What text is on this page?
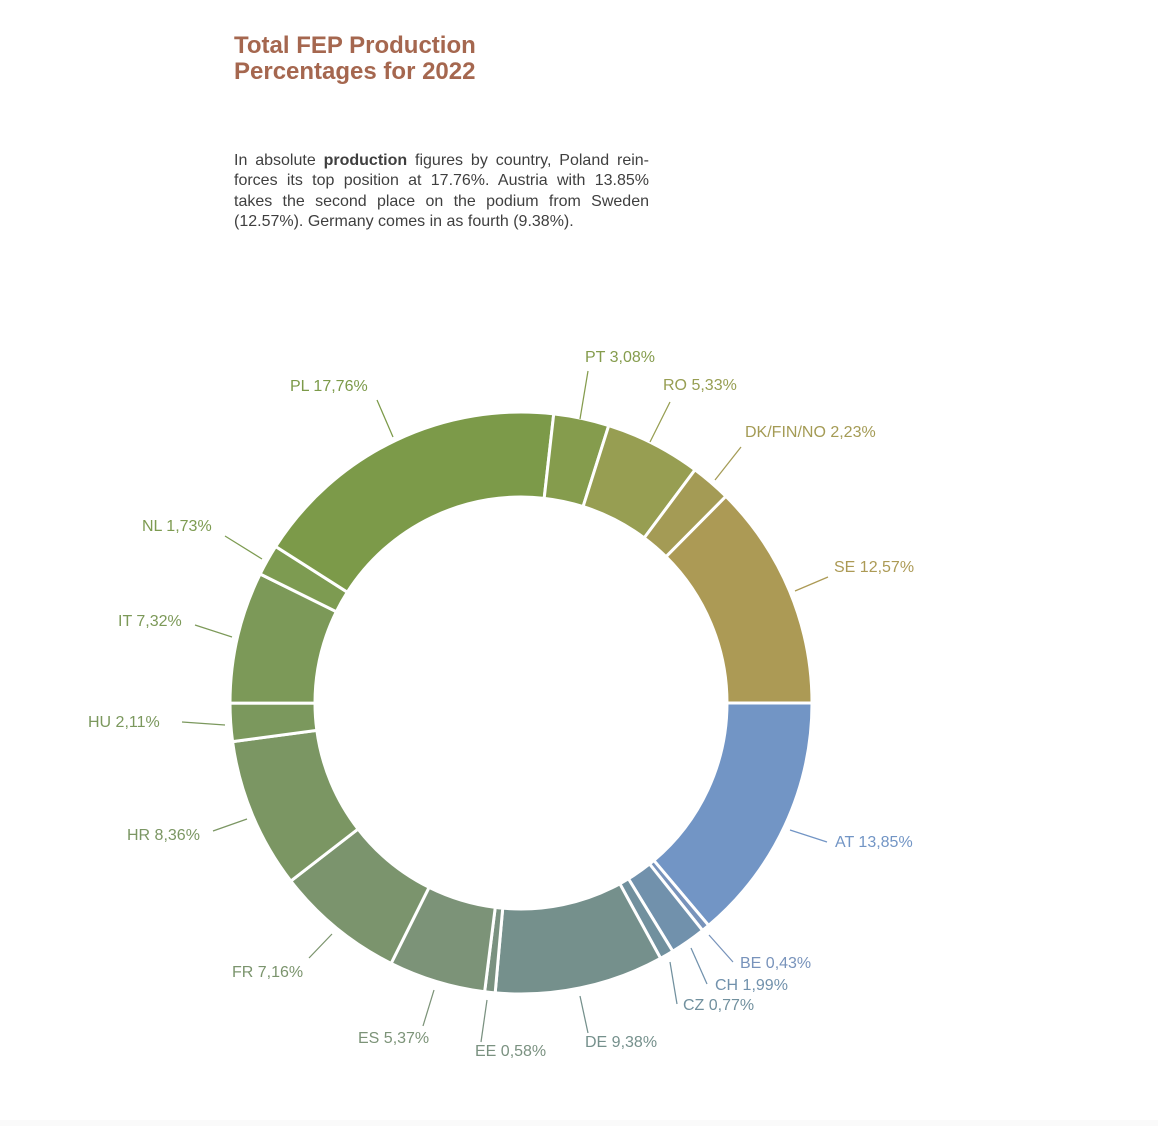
Total FEP Production
Percentages for 2022
In absolute production figures by country, Poland rein-
forces its top position at 17.76%. Austria with 13.85%
takes the second place on the podium from Sweden
(12.57%). Germany comes in as fourth (9.38%).
AT 13,85%
BE 0,43%
CH 1,99%
CZ 0,77%
DE 9,38%
EE 0,58%
ES 5,37%
FR 7,16%
HR 8,36%
HU 2,11%
IT 7,32%
NL 1,73%
PL 17,76%
PT 3,08%
RO 5,33%
DK/FIN/NO 2,23%
SE 12,57%
